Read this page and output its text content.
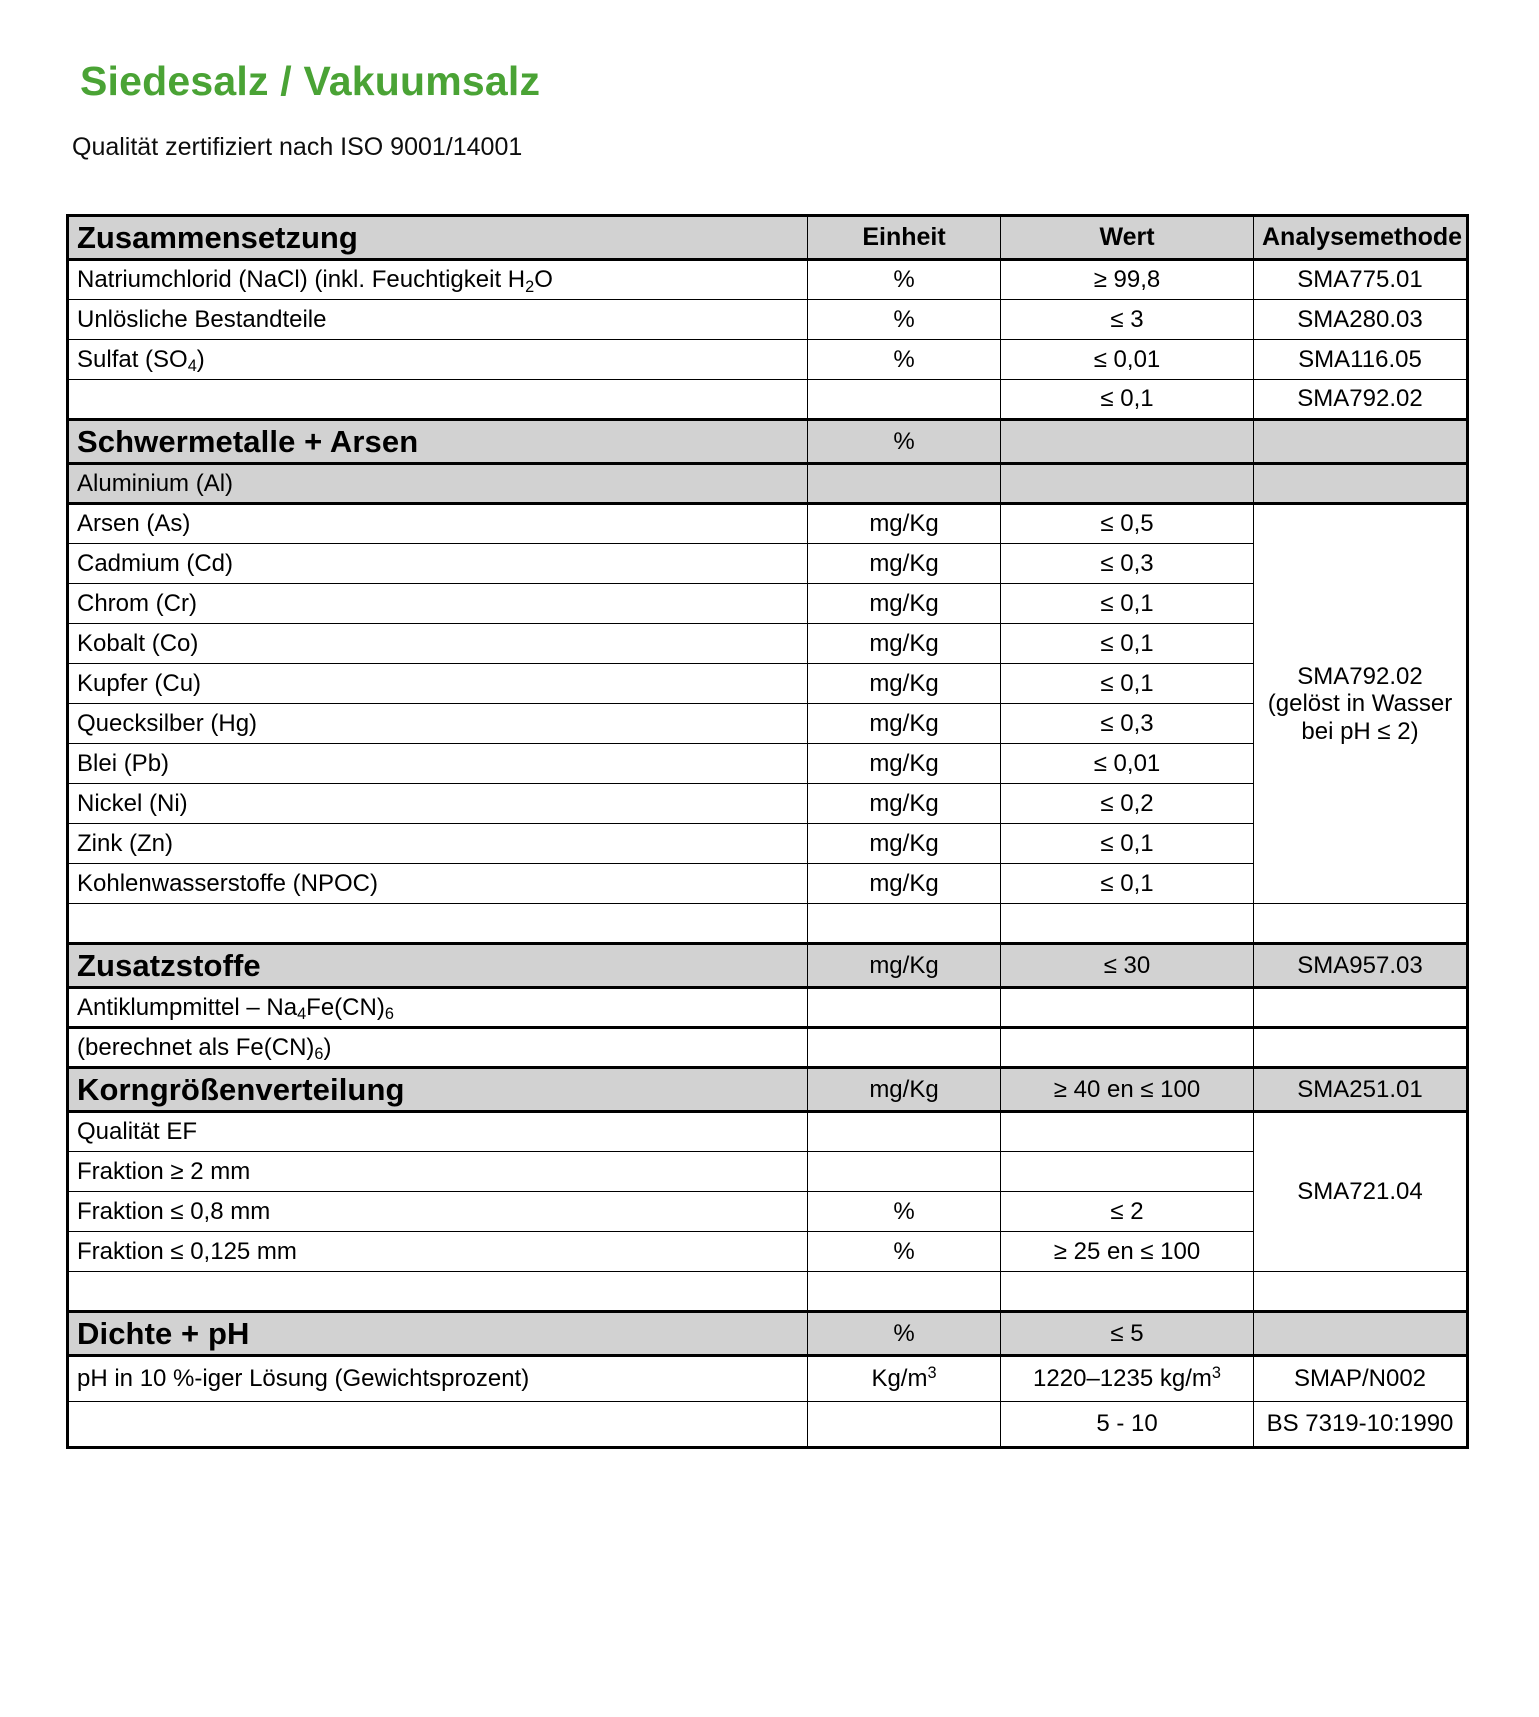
Siedesalz / Vakuumsalz
Qualität zertifiziert nach ISO 9001/14001
Zusammensetzung	Einheit	Wert	Analysemethode
Natriumchlorid (NaCl) (inkl. Feuchtigkeit $H_2O$	%	≥ 99,8	SMA775.01
Unlösliche Bestandteile	%	≤ 3	SMA280.03
Sulfat $(SO_4)$	%	≤ 0,01	SMA116.05
		≤ 0,1	SMA792.02
Schwermetalle + Arsen	%		
Aluminium (Al)			
Arsen (As)	mg/Kg	≤ 0,5	SMA792.02
(gelöst in Wasser
bei pH ≤ 2)

Cadmium (Cd)	mg/Kg	≤ 0,3	
Chrom (Cr)	mg/Kg	≤ 0,1	
Kobalt (Co)	mg/Kg	≤ 0,1	
Kupfer (Cu)	mg/Kg	≤ 0,1	
Quecksilber (Hg)	mg/Kg	≤ 0,3	
Blei (Pb)	mg/Kg	≤ 0,01	
Nickel (Ni)	mg/Kg	≤ 0,2	
Zink (Zn)	mg/Kg	≤ 0,1	
Kohlenwasserstoffe (NPOC)	mg/Kg	≤ 0,1	

Zusatzstoffe	mg/Kg	≤ 30	SMA957.03
Antiklumpmittel – $Na_4Fe(CN)_6$			
(berechnet als $Fe(CN)_6$)			
Korngrößenverteilung	mg/Kg	≥ 40 en ≤ 100	SMA251.01
Qualität EF			SMA721.04

Fraktion ≥ 2 mm			
Fraktion ≤ 0,8 mm	%	≤ 2	
Fraktion ≤ 0,125 mm	%	≥ 25 en ≤ 100	

Dichte + pH	%	≤ 5	
pH in 10 %-iger Lösung (Gewichtsprozent)	$Kg/m^3$	1220–1235 $kg/m^3$	SMAP/N002
		5 - 10	BS 7319-10:1990
